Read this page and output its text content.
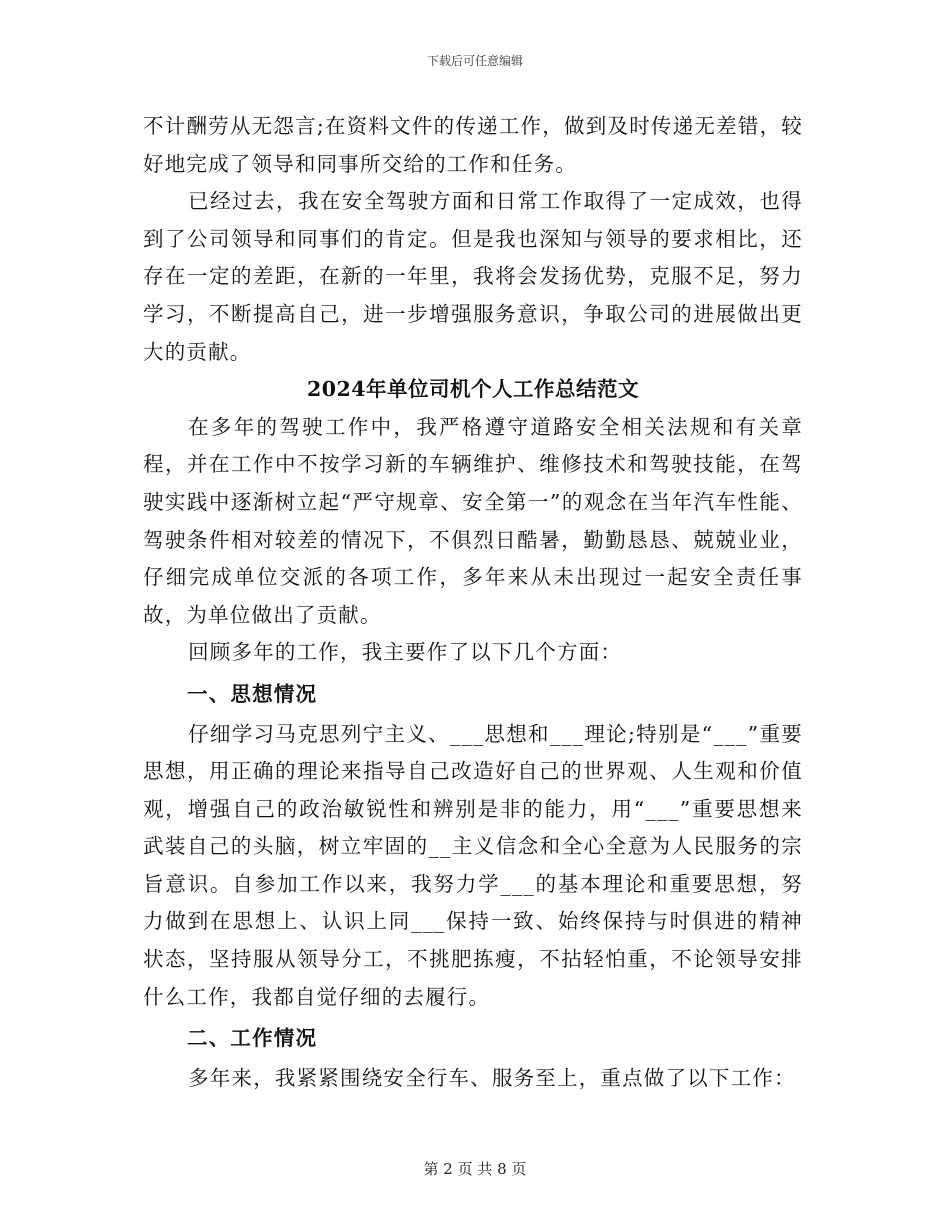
下载后可任意编辑

不计酬劳从无怨言;在资料文件的传递工作，做到及时传递无差错，较好地完成了领导和同事所交给的工作和任务。

已经过去，我在安全驾驶方面和日常工作取得了一定成效，也得到了公司领导和同事们的肯定。但是我也深知与领导的要求相比，还存在一定的差距，在新的一年里，我将会发扬优势，克服不足，努力学习，不断提高自己，进一步增强服务意识，争取公司的进展做出更大的贡献。

2024年单位司机个人工作总结范文

在多年的驾驶工作中，我严格遵守道路安全相关法规和有关章程，并在工作中不按学习新的车辆维护、维修技术和驾驶技能，在驾驶实践中逐渐树立起“严守规章、安全第一”的观念在当年汽车性能、驾驶条件相对较差的情况下，不俱烈日酷暑，勤勤恳恳、兢兢业业，仔细完成单位交派的各项工作，多年来从未出现过一起安全责任事故，为单位做出了贡献。

回顾多年的工作，我主要作了以下几个方面：

一、思想情况

仔细学习马克思列宁主义、___思想和___理论;特别是“___”重要思想，用正确的理论来指导自己改造好自己的世界观、人生观和价值观，增强自己的政治敏锐性和辨别是非的能力，用“___”重要思想来武装自己的头脑，树立牢固的__主义信念和全心全意为人民服务的宗旨意识。自参加工作以来，我努力学___的基本理论和重要思想，努力做到在思想上、认识上同___保持一致、始终保持与时俱进的精神状态，坚持服从领导分工，不挑肥拣瘦，不拈轻怕重，不论领导安排什么工作，我都自觉仔细的去履行。

二、工作情况

多年来，我紧紧围绕安全行车、服务至上，重点做了以下工作：

第 2 页 共 8 页
